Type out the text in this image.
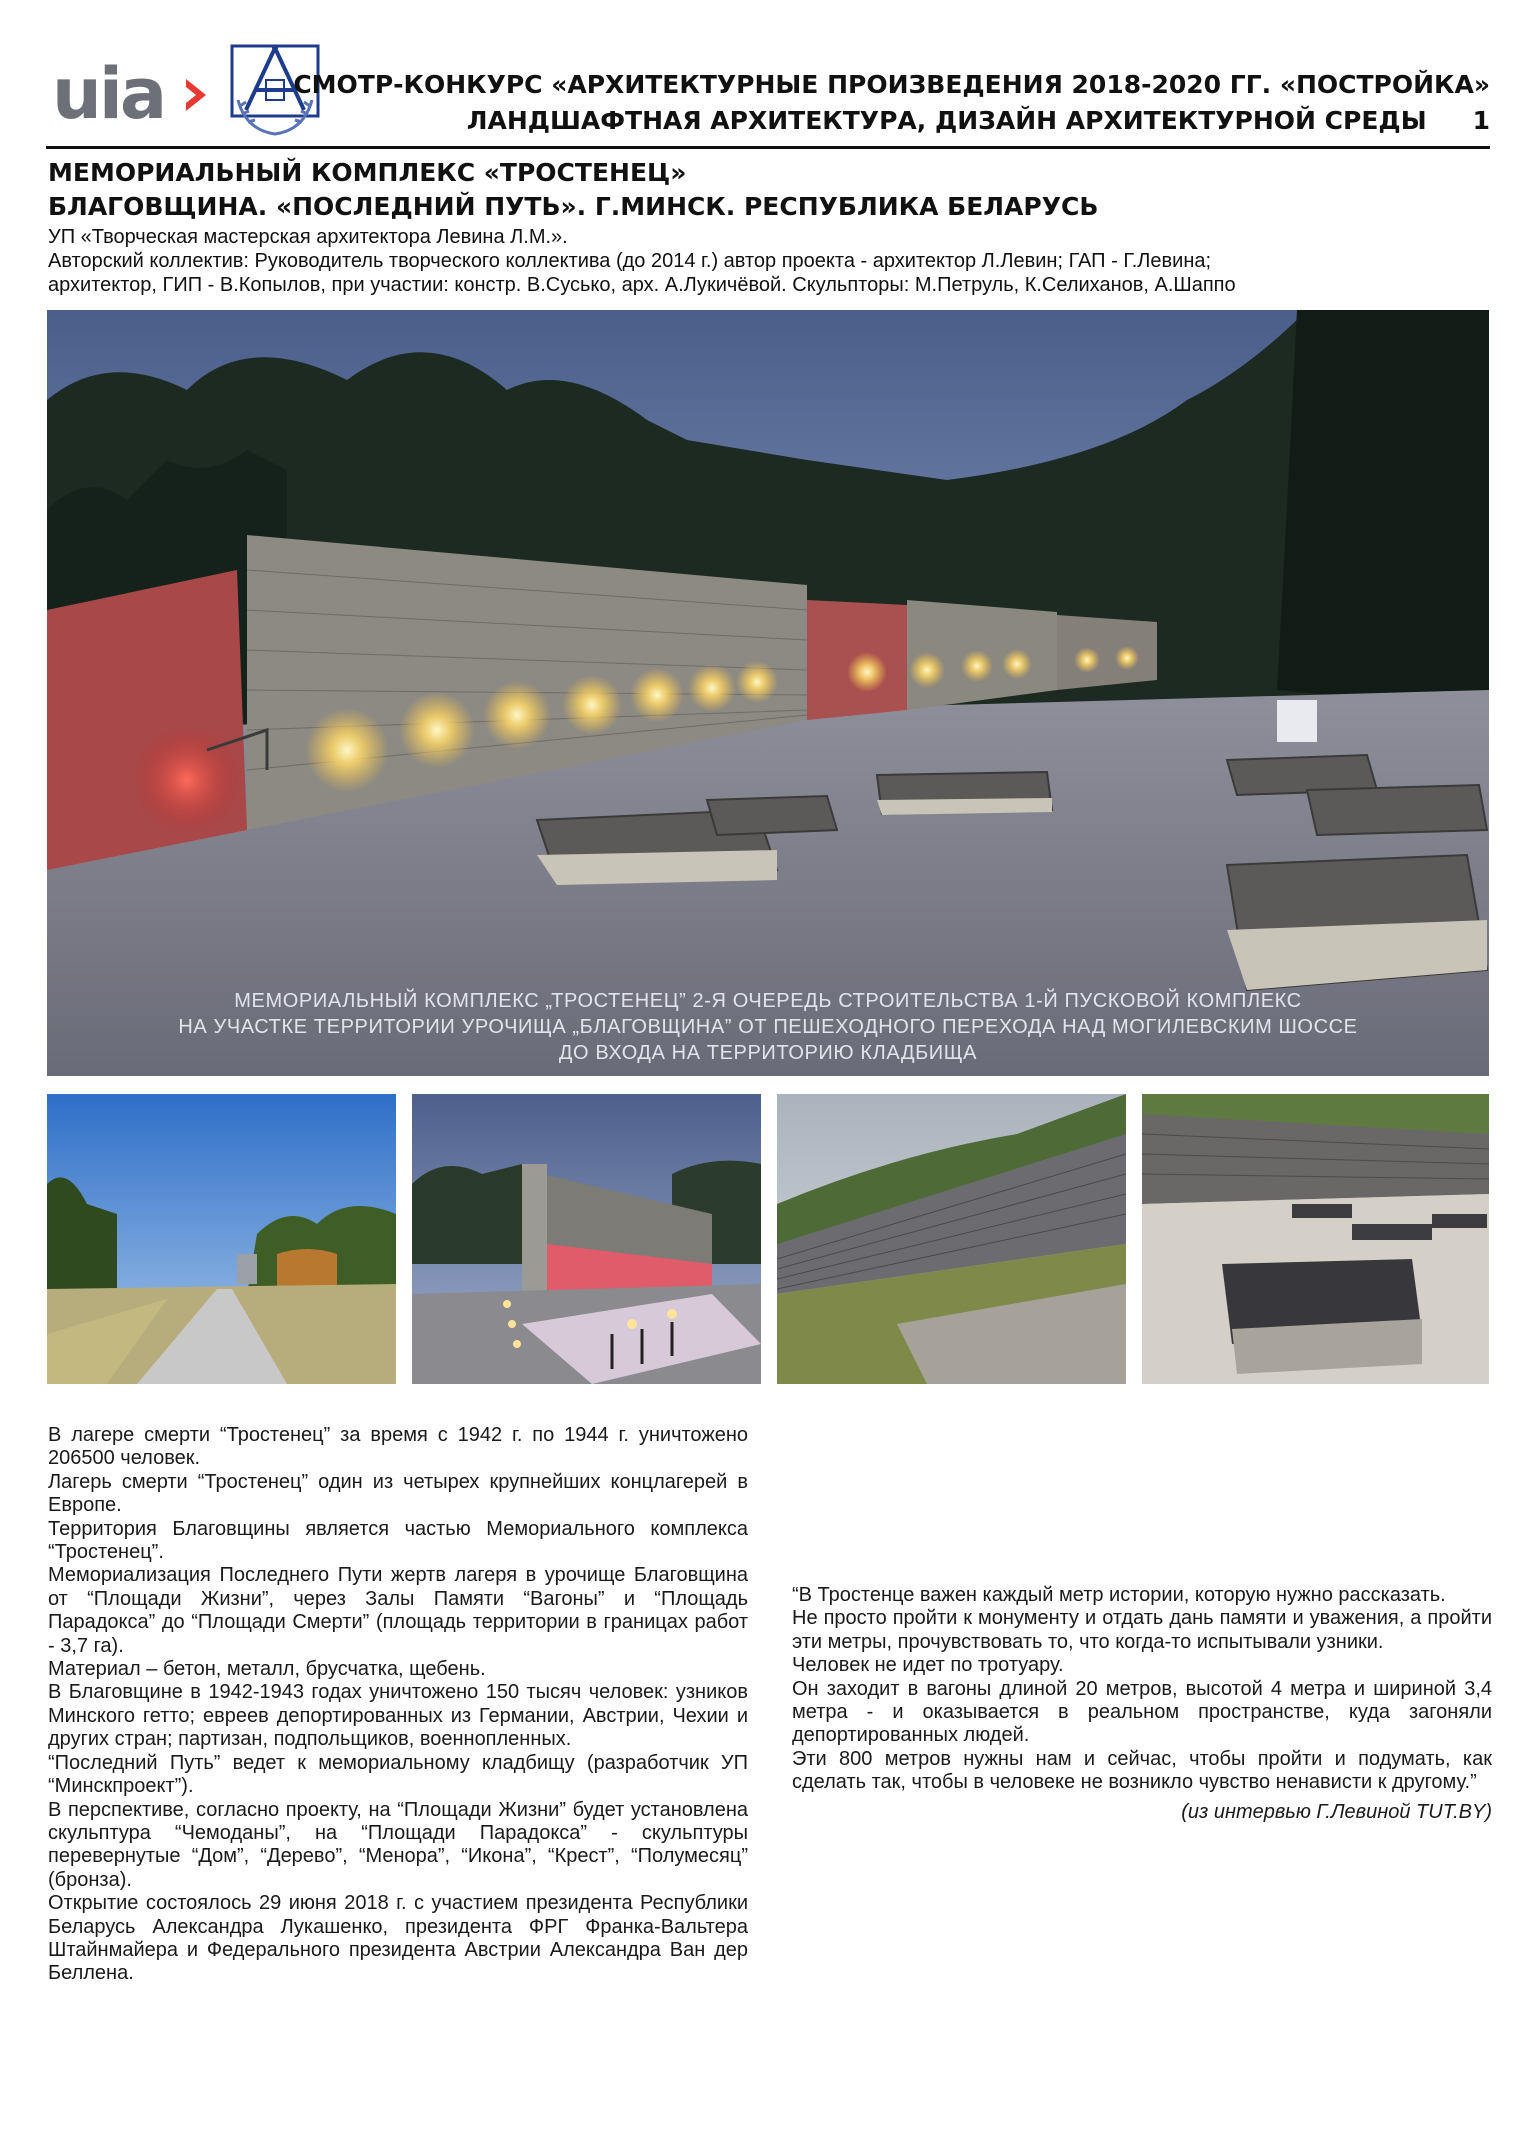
uia	СМОТР-КОНКУРС «АРХИТЕКТУРНЫЕ ПРОИЗВЕДЕНИЯ 2018-2020 ГГ. «ПОСТРОЙКА»
ЛАНДШАФТНАЯ АРХИТЕКТУРА, ДИЗАЙН АРХИТЕКТУРНОЙ СРЕДЫ 1
МЕМОРИАЛЬНЫЙ КОМПЛЕКС «ТРОСТЕНЕЦ»
БЛАГОВЩИНА. «ПОСЛЕДНИЙ ПУТЬ». Г.МИНСК. РЕСПУБЛИКА БЕЛАРУСЬ
УП «Творческая мастерская архитектора Левина Л.М.».
Авторский коллектив: Руководитель творческого коллектива (до 2014 г.) автор проекта - архитектор Л.Левин; ГАП - Г.Левина;
архитектор, ГИП - В.Копылов, при участии: констр. В.Сусько, арх. А.Лукичёвой. Скульпторы: М.Петруль, К.Селиханов, А.Шаппо
МЕМОРИАЛЬНЫЙ КОМПЛЕКС „ТРОСТЕНЕЦ” 2-Я ОЧЕРЕДЬ СТРОИТЕЛЬСТВА 1-Й ПУСКОВОЙ КОМПЛЕКС
НА УЧАСТКЕ ТЕРРИТОРИИ УРОЧИЩА „БЛАГОВЩИНА” ОТ ПЕШЕХОДНОГО ПЕРЕХОДА НАД МОГИЛЕВСКИМ ШОССЕ
ДО ВХОДА НА ТЕРРИТОРИЮ КЛАДБИЩА

В лагере смерти “Тростенец” за время с 1942 г. по 1944 г. уничтожено 206500 человек.

Лагерь смерти “Тростенец” один из четырех крупнейших концлагерей в Европе.

Территория Благовщины является частью Мемориального комплекса “Тростенец”.

Мемориализация Последнего Пути жертв лагеря в урочище Благовщина от “Площади Жизни”, через Залы Памяти “Вагоны” и “Площадь Парадокса” до “Площади Смерти” (площадь территории в границах работ - 3,7 га).

Материал – бетон, металл, брусчатка, щебень.

В Благовщине в 1942-1943 годах уничтожено 150 тысяч человек: узников Минского гетто; евреев депортированных из Германии, Австрии, Чехии и других стран; партизан, подпольщиков, военнопленных.

“Последний Путь” ведет к мемориальному кладбищу (разработчик УП “Минскпроект”).

В перспективе, согласно проекту, на “Площади Жизни” будет установлена скульптура “Чемоданы”, на “Площади Парадокса” - скульптуры перевернутые “Дом”, “Дерево”, “Менора”, “Икона”, “Крест”, “Полумесяц” (бронза).

Открытие состоялось 29 июня 2018 г. с участием президента Республики Беларусь Александра Лукашенко, президента ФРГ Франка-Вальтера Штайнмайера и Федерального президента Австрии Александра Ван дер Беллена.

“В Тростенце важен каждый метр истории, которую нужно рассказать.

Не просто пройти к монументу и отдать дань памяти и уважения, а пройти эти метры, прочувствовать то, что когда-то испытывали узники.

Человек не идет по тротуару.

Он заходит в вагоны длиной 20 метров, высотой 4 метра и шириной 3,4 метра - и оказывается в реальном пространстве, куда загоняли депортированных людей.

Эти 800 метров нужны нам и сейчас, чтобы пройти и подумать, как сделать так, чтобы в человеке не возникло чувство ненависти к другому.”

(из интервью Г.Левиной TUT.BY)
